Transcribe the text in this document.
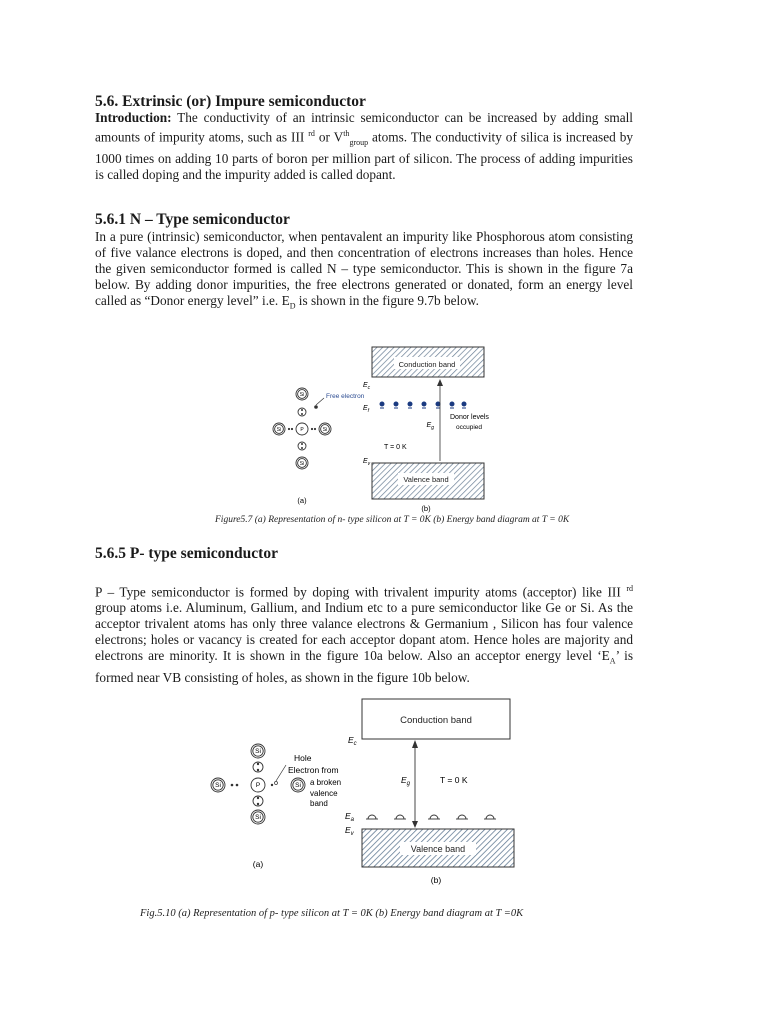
5.6. Extrinsic (or) Impure semiconductor

Introduction: The conductivity of an intrinsic semiconductor can be increased by adding small amounts of impurity atoms, such as III $^{rd}$ or $Vth_{group}$ atoms. The conductivity of silica is increased by 1000 times on adding 10 parts of boron per million part of silicon. The process of adding impurities is called doping and the impurity added is called dopant.

5.6.1 N – Type semiconductor

In a pure (intrinsic) semiconductor, when pentavalent an impurity like Phosphorous atom consisting of five valance electrons is doped, and then concentration of electrons increases than holes. Hence the given semiconductor formed is called N – type semiconductor. This is shown in the figure 7a below. By adding donor impurities, the free electrons generated or donated, form an energy level called as “Donor energy level” i.e. $E_D$ is shown in the figure 9.7b below.

Conduction band
Valence band
$E_c$
$E_f$
$E_v$
$E_g$
Donor levels
occupied
T = 0 K
(b)
Free electron
Si
Si	P	Si
Si
(a)

Figure5.7 (a) Representation of n- type silicon at T = 0K (b) Energy band diagram at T = 0K

5.6.5 P- type semiconductor

P – Type semiconductor is formed by doping with trivalent impurity atoms (acceptor) like III $^{rd}$ group atoms i.e. Aluminum, Gallium, and Indium etc to a pure semiconductor like Ge or Si. As the acceptor trivalent atoms has only three valance electrons & Germanium , Silicon has four valence electrons; holes or vacancy is created for each acceptor dopant atom. Hence holes are majority and electrons are minority. It is shown in the figure 10a below. Also an acceptor energy level ‘$E_A$’ is formed near VB consisting of holes, as shown in the figure 10b below.

Conduction band
Valence band
$E_c$
$E_a$
$E_v$
$E_g$	T = 0 K
(b)
Si
Si	P	Si
Si
Hole
Electron from
a broken
valence
band
(a)

Fig.5.10 (a) Representation of p- type silicon at T = 0K (b) Energy band diagram at T =0K
